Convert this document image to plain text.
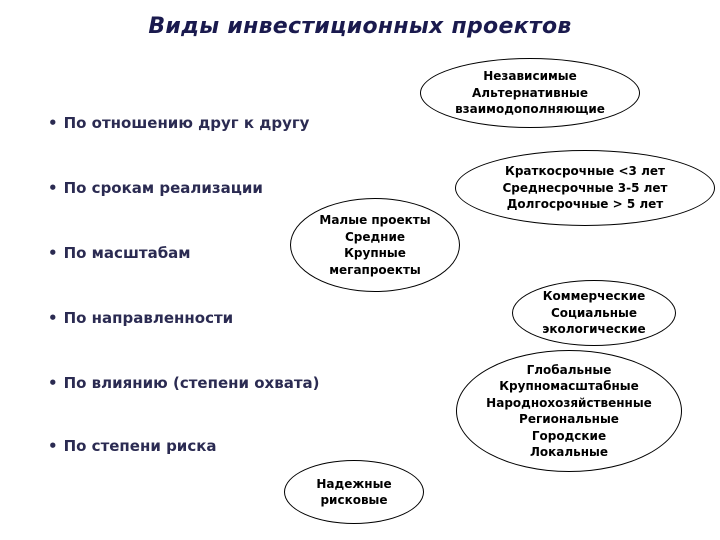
Виды инвестиционных проектов
• По отношению друг к другу
• По срокам реализации
• По масштабам
• По направленности
• По влиянию (степени охвата)
• По степени риска
Независимые
Альтернативные
взаимодополняющие
Краткосрочные <3 лет
Среднесрочные 3-5 лет
Долгосрочные > 5 лет
Малые проекты
Средние
Крупные
мегапроекты
Коммерческие
Социальные
экологические
Глобальные
Крупномасштабные
Народнохозяйственные
Региональные
Городские
Локальные
Надежные
рисковые
